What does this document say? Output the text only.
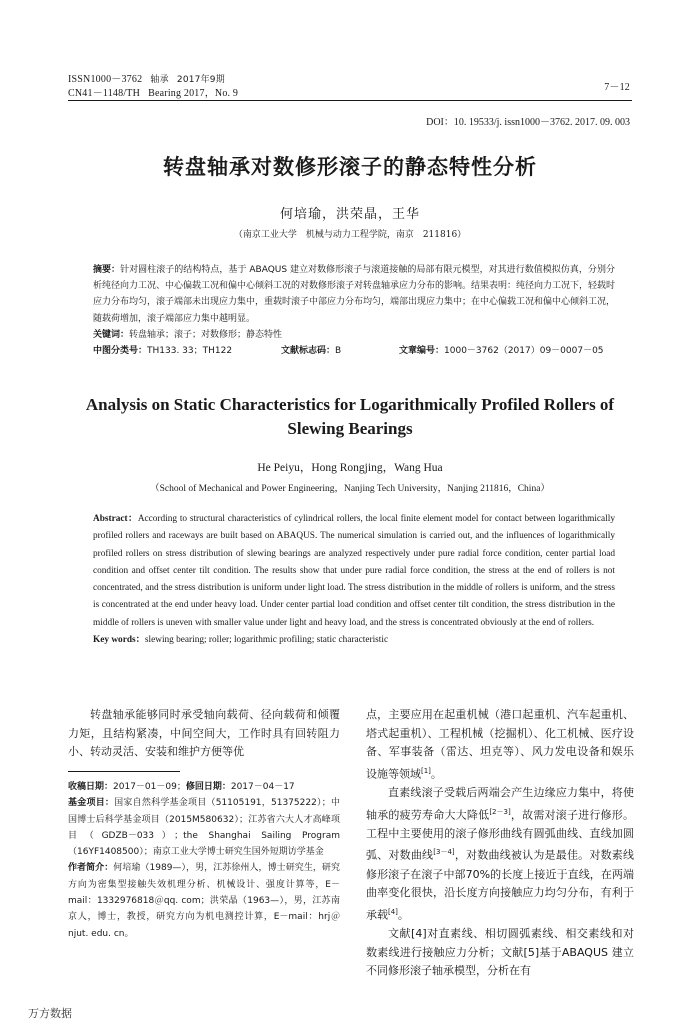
ISSN1000－3762 轴承 2017年9期
CN41－1148/TH Bearing 2017，No. 9
7－12
DOI：10. 19533/j. issn1000－3762. 2017. 09. 003
转盘轴承对数修形滚子的静态特性分析
何培瑜，洪荣晶，王华
（南京工业大学　机械与动力工程学院，南京　211816）
摘要：针对圆柱滚子的结构特点，基于 ABAQUS 建立对数修形滚子与滚道接触的局部有限元模型，对其进行数值模拟仿真，分别分析纯径向力工况、中心偏载工况和偏中心倾斜工况的对数修形滚子对转盘轴承应力分布的影响。结果表明：纯径向力工况下，轻载时应力分布均匀，滚子端部未出现应力集中，重载时滚子中部应力分布均匀，端部出现应力集中；在中心偏载工况和偏中心倾斜工况，随载荷增加，滚子端部应力集中越明显。
关键词：转盘轴承；滚子；对数修形；静态特性
中图分类号：TH133. 33；TH122	文献标志码：B	文章编号：1000－3762（2017）09－0007－05
Analysis on Static Characteristics for Logarithmically Profiled Rollers of Slewing Bearings
He Peiyu，Hong Rongjing，Wang Hua
（School of Mechanical and Power Engineering，Nanjing Tech University，Nanjing 211816，China）
Abstract：According to structural characteristics of cylindrical rollers, the local finite element model for contact between logarithmically profiled rollers and raceways are built based on ABAQUS. The numerical simulation is carried out, and the influences of logarithmically profiled rollers on stress distribution of slewing bearings are analyzed respectively under pure radial force condition, center partial load condition and offset center tilt condition. The results show that under pure radial force condition, the stress at the end of rollers is not concentrated, and the stress distribution is uniform under light load. The stress distribution in the middle of rollers is uniform, and the stress is concentrated at the end under heavy load. Under center partial load condition and offset center tilt condition, the stress distribution in the middle of rollers is uneven with smaller value under light and heavy load, and the stress is concentrated obviously at the end of rollers.
Key words：slewing bearing; roller; logarithmic profiling; static characteristic
转盘轴承能够同时承受轴向载荷、径向载荷和倾覆力矩，且结构紧凑，中间空间大，工作时具有回转阻力小、转动灵活、安装和维护方便等优
收稿日期：2017－01－09；修回日期：2017－04－17
基金项目：国家自然科学基金项目（51105191，51375222）；中国博士后科学基金项目（2015M580632）；江苏省六大人才高峰项目（GDZB－033）；the Shanghai Sailing Program（16YF1408500）；南京工业大学博士研究生国外短期访学基金
作者简介：何培瑜（1989—），男，江苏徐州人，博士研究生，研究方向为密集型接触失效机理分析、机械设计、强度计算等，E－mail：1332976818＠qq. com；洪荣晶（1963—），男，江苏南京人，博士，教授，研究方向为机电测控计算，E－mail：hrj＠njut. edu. cn。
点，主要应用在起重机械（港口起重机、汽车起重机、塔式起重机）、工程机械（挖掘机）、化工机械、医疗设备、军事装备（雷达、坦克等）、风力发电设备和娱乐设施等领域[1]。
直素线滚子受载后两端会产生边缘应力集中，将使轴承的疲劳寿命大大降低[2－3]，故需对滚子进行修形。工程中主要使用的滚子修形曲线有圆弧曲线、直线加圆弧、对数曲线[3－4]，对数曲线被认为是最佳。对数素线修形滚子在滚子中部70%的长度上接近于直线，在两端曲率变化很快，沿长度方向接触应力均匀分布，有利于承载[4]。
文献[4]对直素线、相切圆弧素线、相交素线和对数素线进行接触应力分析；文献[5]基于ABAQUS 建立不同修形滚子轴承模型，分析在有
万方数据
